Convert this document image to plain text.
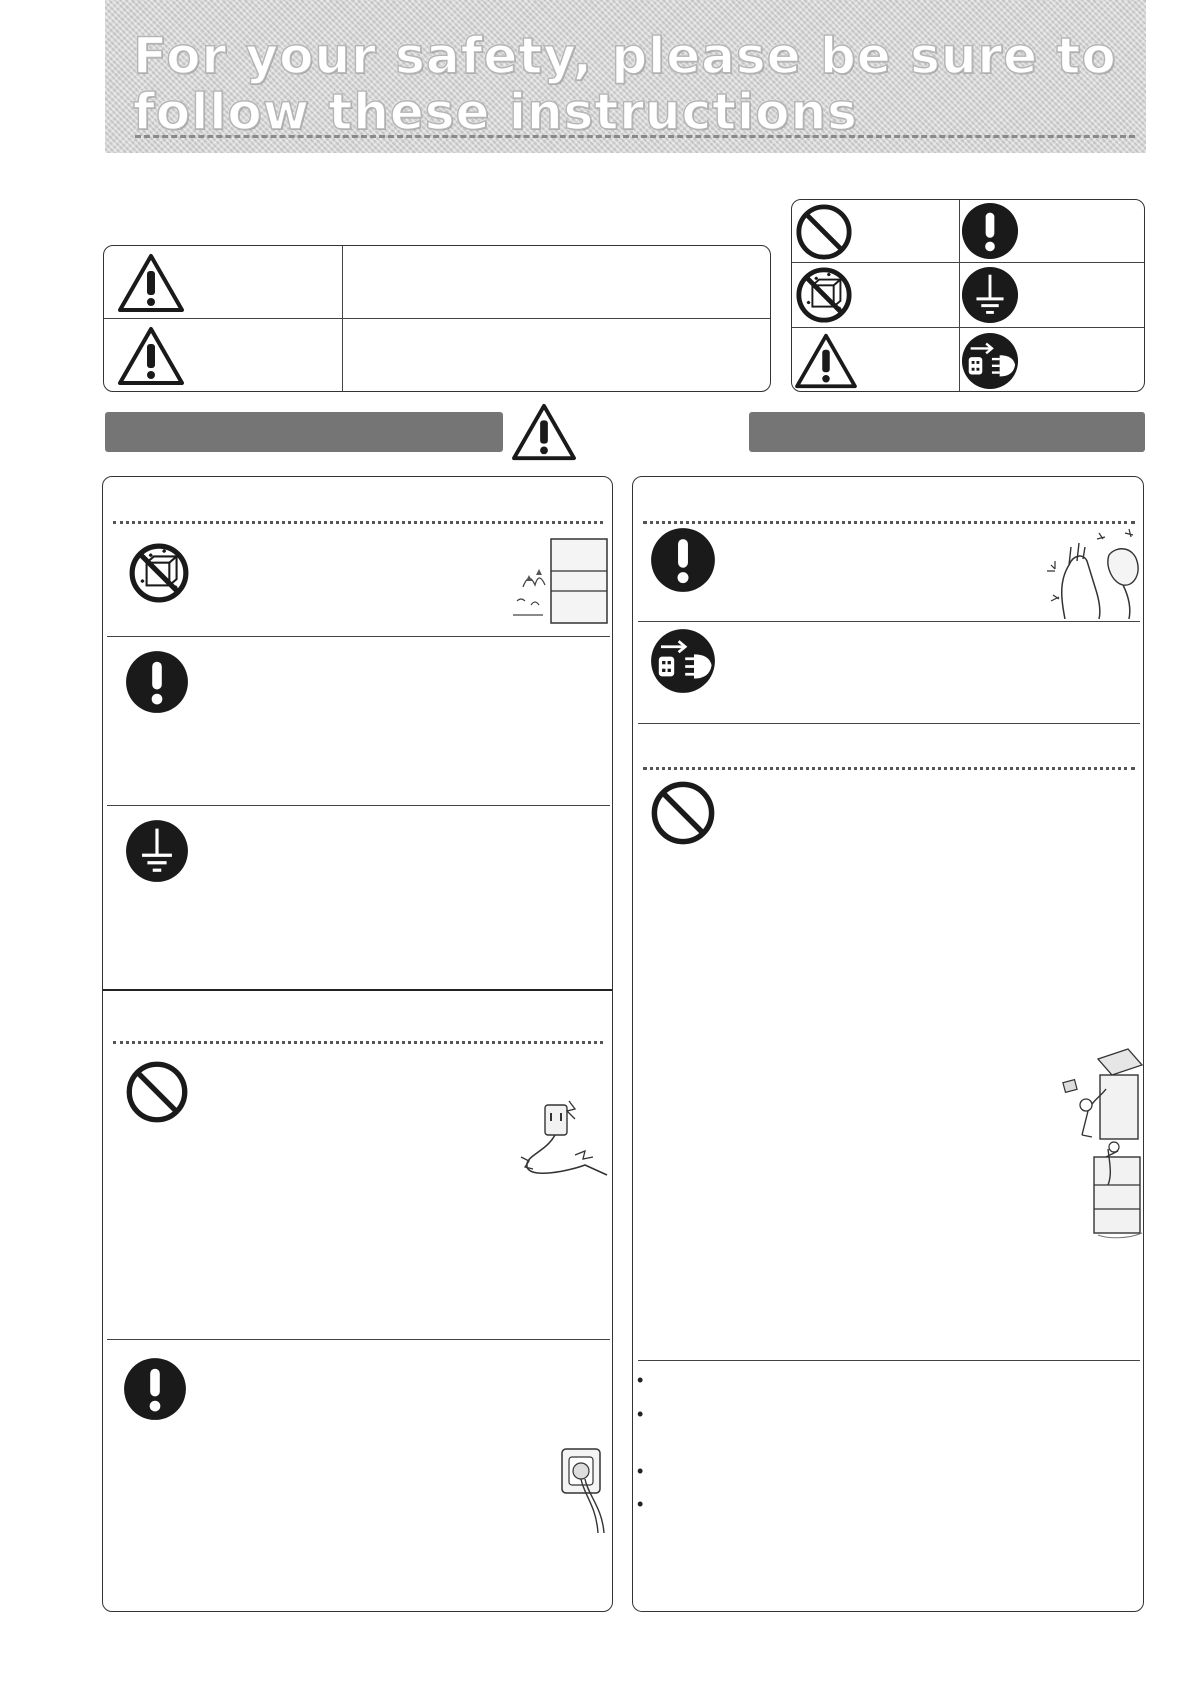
For your safety, please be sure to follow these instructions
•
•
•
•
